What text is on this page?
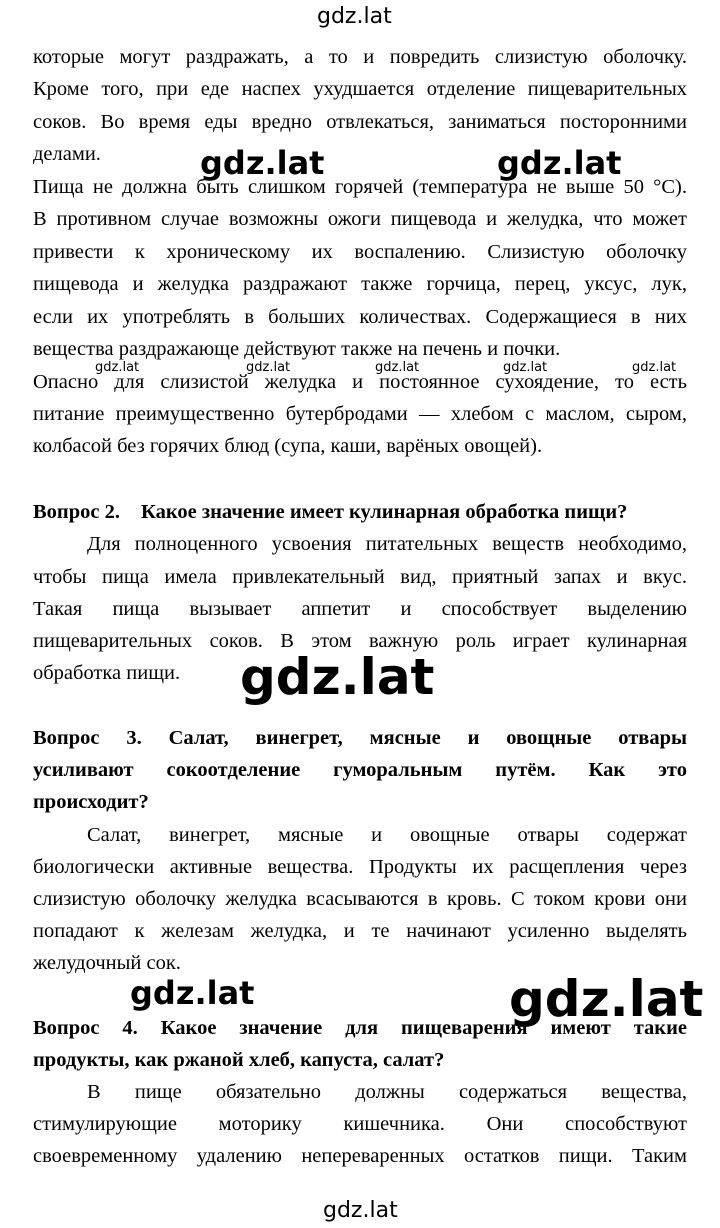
gdz.lat
которые могут раздражать, а то и повредить слизистую оболочку.
Кроме того, при еде наспех ухудшается отделение пищеварительных
соков. Во время еды вредно отвлекаться, заниматься посторонними
делами.	gdz.lat	gdz.lat
Пища не должна быть слишком горячей (температура не выше 50 °С).
В противном случае возможны ожоги пищевода и желудка, что может
привести к хроническому их воспалению. Слизистую оболочку
пищевода и желудка раздражают также горчица, перец, уксус, лук,
если их употреблять в больших количествах. Содержащиеся в них
вещества раздражающе действуют также на печень и почки.
gdz.lat	gdz.lat	gdz.lat	gdz.lat	gdz.lat
Опасно для слизистой желудка и постоянное сухоядение, то есть
питание преимущественно бутербродами — хлебом с маслом, сыром,
колбасой без горячих блюд (супа, каши, варёных овощей).
Вопрос 2. Какое значение имеет кулинарная обработка пищи?
Для полноценного усвоения питательных веществ необходимо,
чтобы пища имела привлекательный вид, приятный запах и вкус.
Такая пища вызывает аппетит и способствует выделению
пищеварительных соков. В этом важную роль играет кулинарная
обработка пищи.	gdz.lat
Вопрос 3. Салат, винегрет, мясные и овощные отвары
усиливают сокоотделение гуморальным путём. Как это
происходит?
Салат, винегрет, мясные и овощные отвары содержат
биологически активные вещества. Продукты их расщепления через
слизистую оболочку желудка всасываются в кровь. С током крови они
попадают к железам желудка, и те начинают усиленно выделять
желудочный сок.
gdz.lat	gdz.lat
Вопрос 4. Какое значение для пищеварения имеют такие
продукты, как ржаной хлеб, капуста, салат?
В пище обязательно должны содержаться вещества,
стимулирующие моторику кишечника. Они способствуют
своевременному удалению непереваренных остатков пищи. Таким
gdz.lat
